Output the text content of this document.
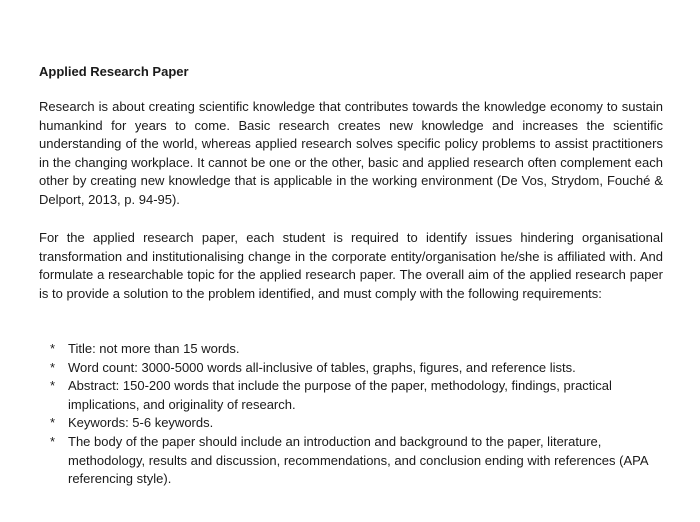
Applied Research Paper

Research is about creating scientific knowledge that contributes towards the knowledge economy to sustain humankind for years to come. Basic research creates new knowledge and increases the scientific understanding of the world, whereas applied research solves specific policy problems to assist practitioners in the changing workplace. It cannot be one or the other, basic and applied research often complement each other by creating new knowledge that is applicable in the working environment (De Vos, Strydom, Fouché & Delport, 2013, p. 94-95).

For the applied research paper, each student is required to identify issues hindering organisational transformation and institutionalising change in the corporate entity/organisation he/she is affiliated with. And formulate a researchable topic for the applied research paper. The overall aim of the applied research paper is to provide a solution to the problem identified, and must comply with the following requirements:

* Title: not more than 15 words.
* Word count: 3000-5000 words all-inclusive of tables, graphs, figures, and reference lists.
* Abstract: 150-200 words that include the purpose of the paper, methodology, findings, practical implications, and originality of research.
* Keywords: 5-6 keywords.
* The body of the paper should include an introduction and background to the paper, literature, methodology, results and discussion, recommendations, and conclusion ending with references (APA referencing style).
